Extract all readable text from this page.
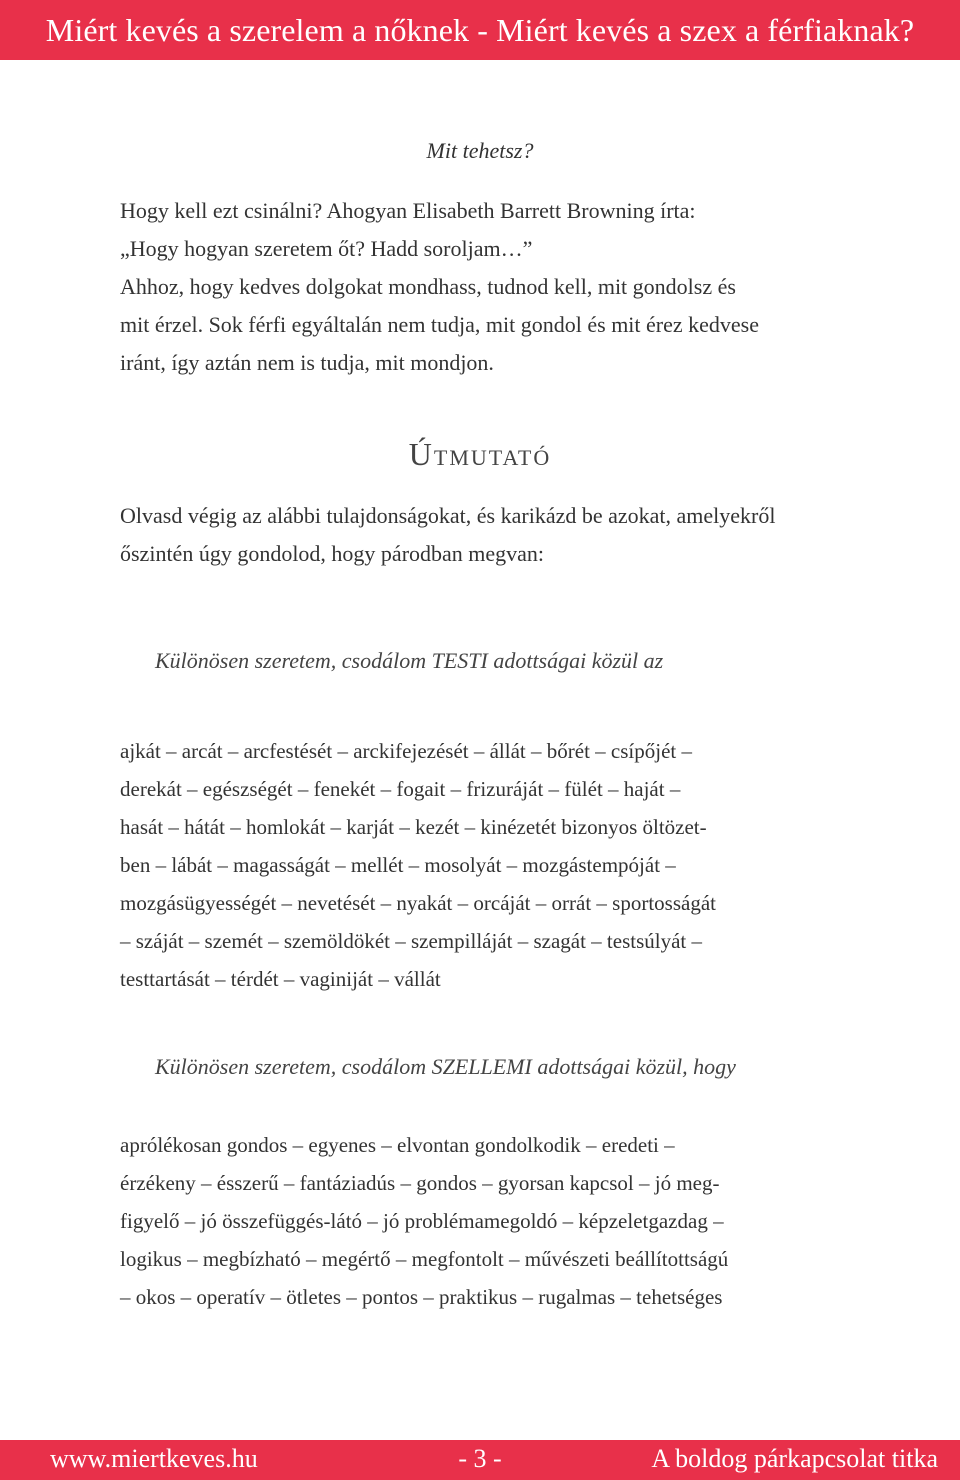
Miért kevés a szerelem a nőknek - Miért kevés a szex a férfiaknak?
Mit tehetsz?
Hogy kell ezt csinálni? Ahogyan Elisabeth Barrett Browning írta:
„Hogy hogyan szeretem őt? Hadd soroljam…”
Ahhoz, hogy kedves dolgokat mondhass, tudnod kell, mit gondolsz és
mit érzel. Sok férfi egyáltalán nem tudja, mit gondol és mit érez kedvese
iránt, így aztán nem is tudja, mit mondjon.
Útmutató
Olvasd végig az alábbi tulajdonságokat, és karikázd be azokat, amelyekről
őszintén úgy gondolod, hogy párodban megvan:
Különösen szeretem, csodálom TESTI adottságai közül az
ajkát – arcát – arcfestését – arckifejezését – állát – bőrét – csípőjét –
derekát – egészségét – fenekét – fogait – frizuráját – fülét – haját –
hasát – hátát – homlokát – karját – kezét – kinézetét bizonyos öltözet-
ben – lábát – magasságát – mellét – mosolyát – mozgástempóját –
mozgásügyességét – nevetését – nyakát – orcáját – orrát – sportosságát
– száját – szemét – szemöldökét – szempilláját – szagát – testsúlyát –
testtartását – térdét – vaginiját – vállát
Különösen szeretem, csodálom SZELLEMI adottságai közül, hogy
aprólékosan gondos – egyenes – elvontan gondolkodik – eredeti –
érzékeny – ésszerű – fantáziadús – gondos – gyorsan kapcsol – jó meg-
figyelő – jó összefüggés-látó – jó problémamegoldó – képzeletgazdag –
logikus – megbízható – megértő – megfontolt – művészeti beállítottságú
– okos – operatív – ötletes – pontos – praktikus – rugalmas – tehetséges
www.miertkeves.hu	- 3 -	A boldog párkapcsolat titka
